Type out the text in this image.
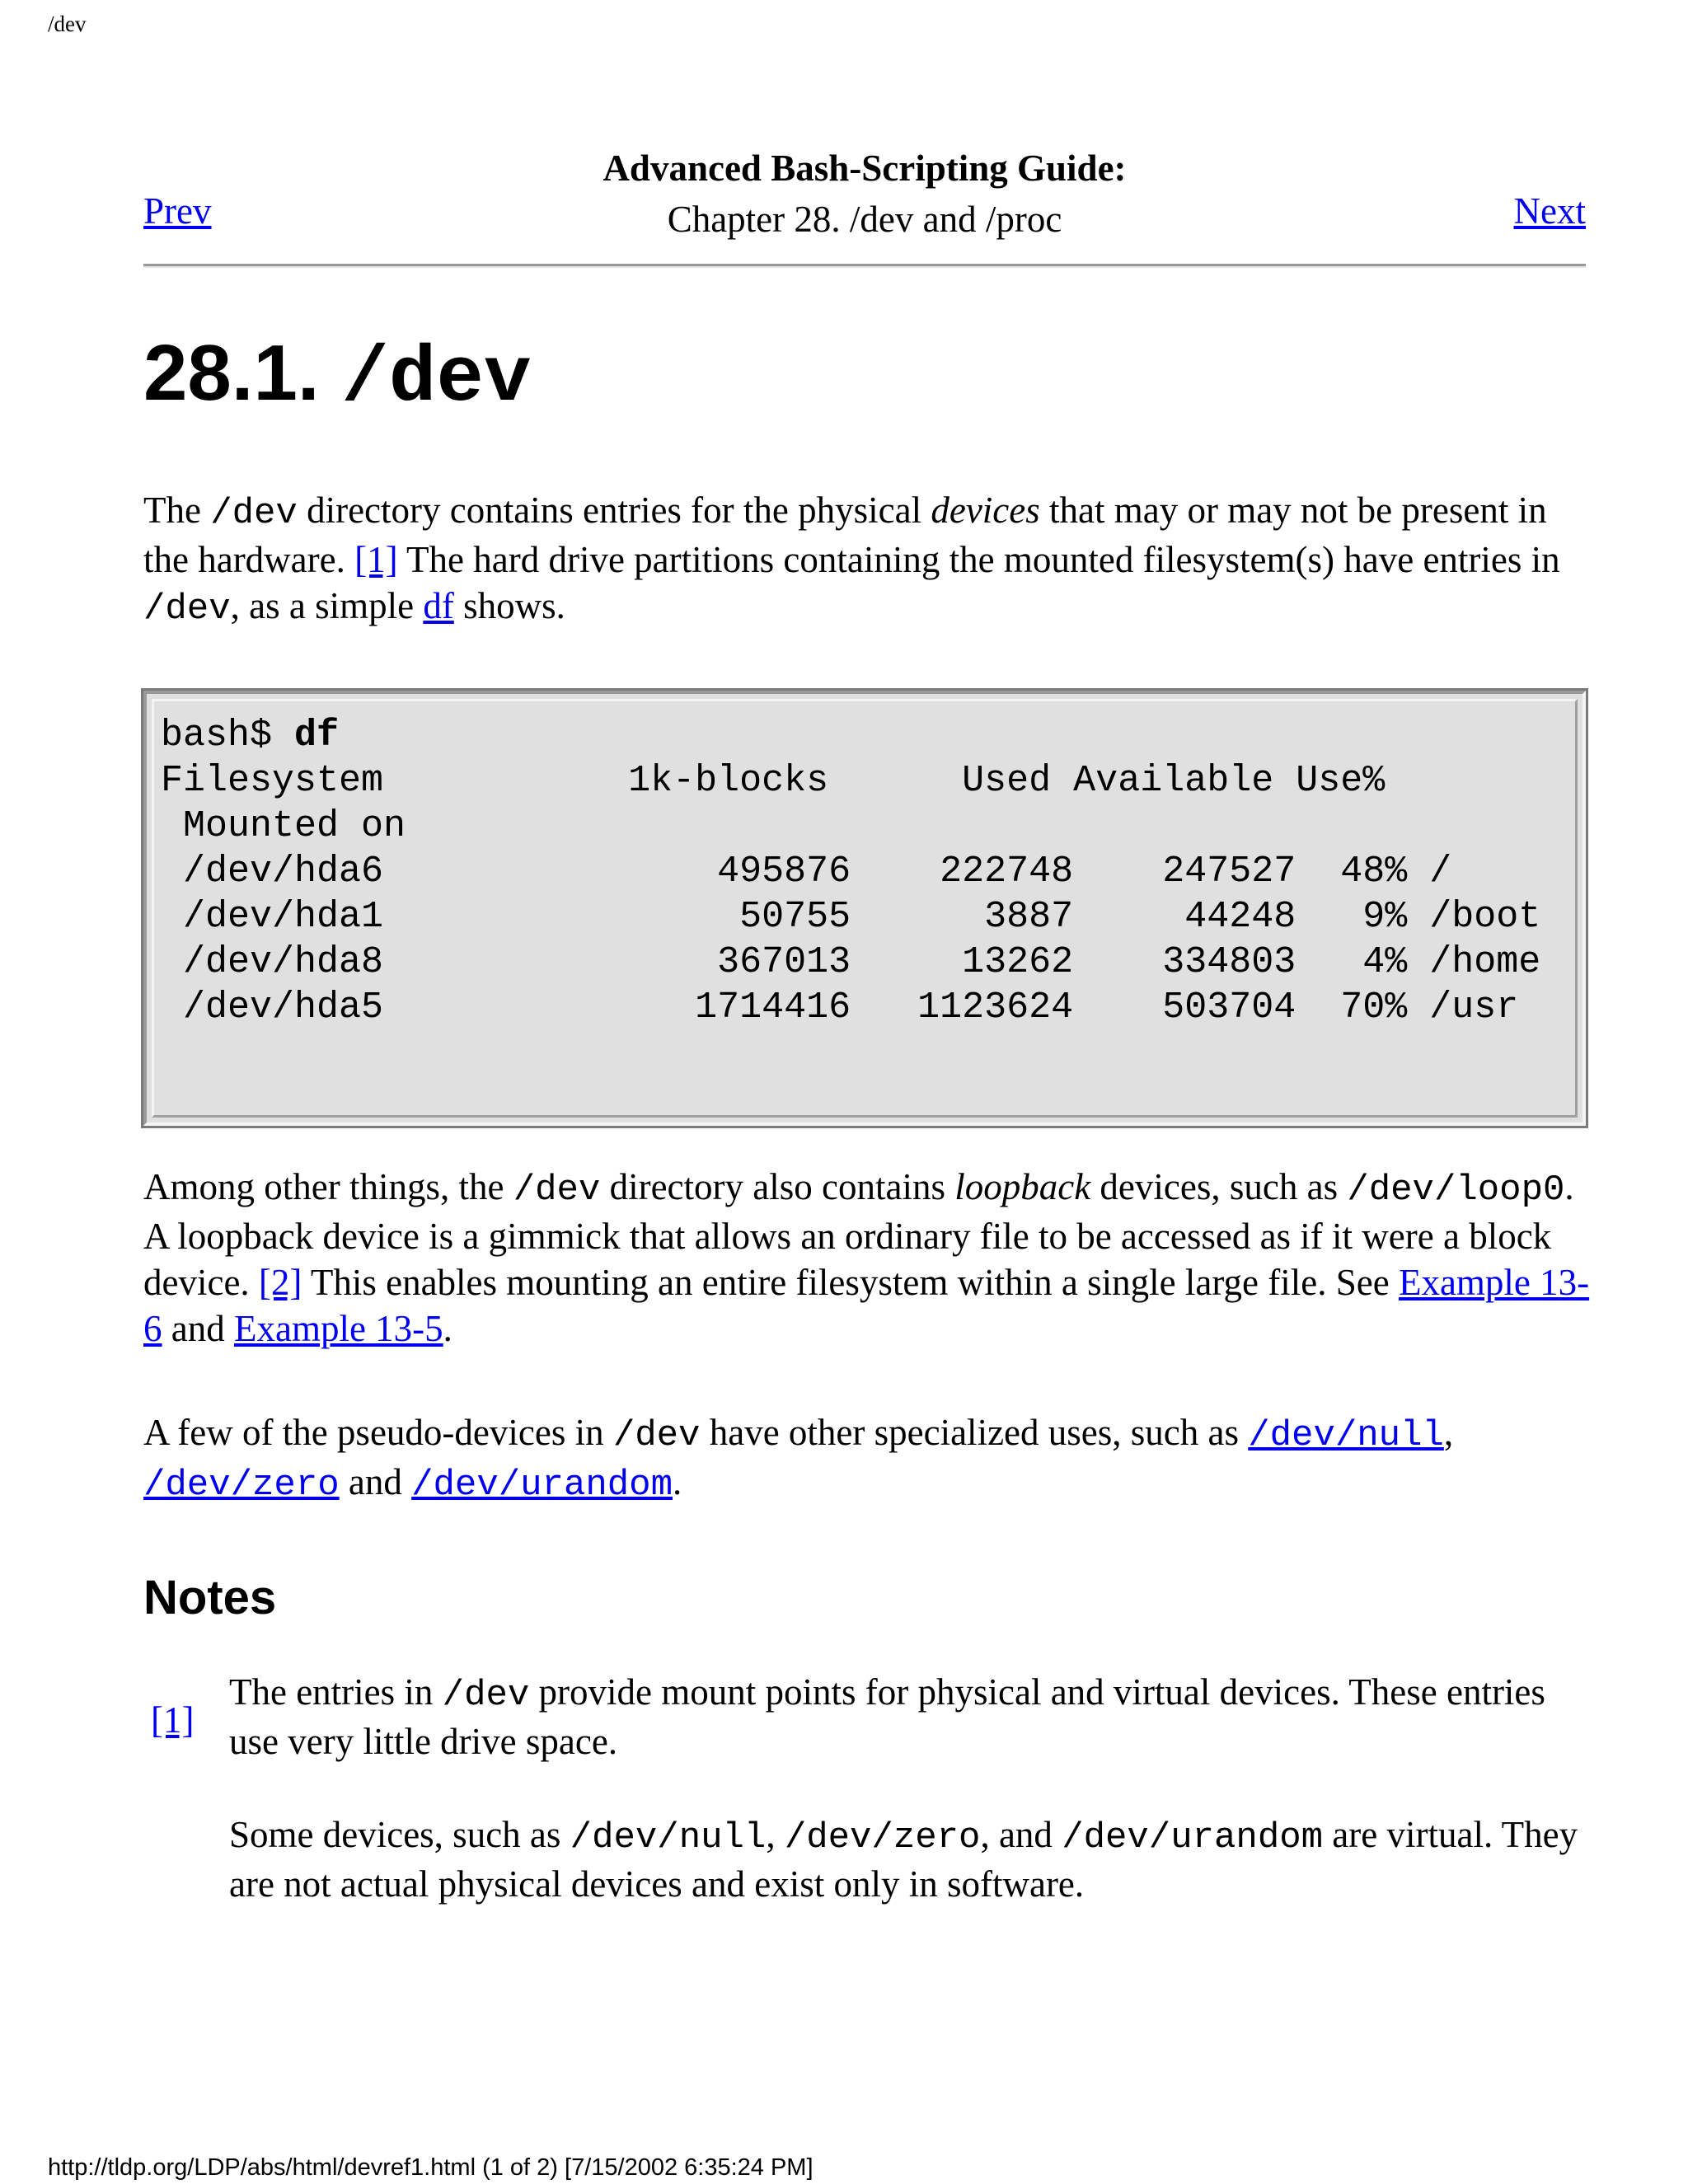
/dev
Advanced Bash-Scripting Guide:
Chapter 28. /dev and /proc
Prev	Next
28.1. /dev

The /dev directory contains entries for the physical devices that may or may not be present in the hardware. [1] The hard drive partitions containing the mounted filesystem(s) have entries in /dev, as a simple df shows.

bash$ df
Filesystem           1k-blocks      Used Available Use%
Mounted on
/dev/hda6               495876    222748    247527  48% /
/dev/hda1                50755      3887     44248   9% /boot
/dev/hda8               367013     13262    334803   4% /home
/dev/hda5              1714416   1123624    503704  70% /usr

Among other things, the /dev directory also contains loopback devices, such as /dev/loop0. A loopback device is a gimmick that allows an ordinary file to be accessed as if it were a block device. [2] This enables mounting an entire filesystem within a single large file. See Example 13-6 and Example 13-5.

A few of the pseudo-devices in /dev have other specialized uses, such as /dev/null, /dev/zero and /dev/urandom.

Notes
[1]

The entries in /dev provide mount points for physical and virtual devices. These entries use very little drive space.

Some devices, such as /dev/null, /dev/zero, and /dev/urandom are virtual. They are not actual physical devices and exist only in software.

http://tldp.org/LDP/abs/html/devref1.html (1 of 2) [7/15/2002 6:35:24 PM]
